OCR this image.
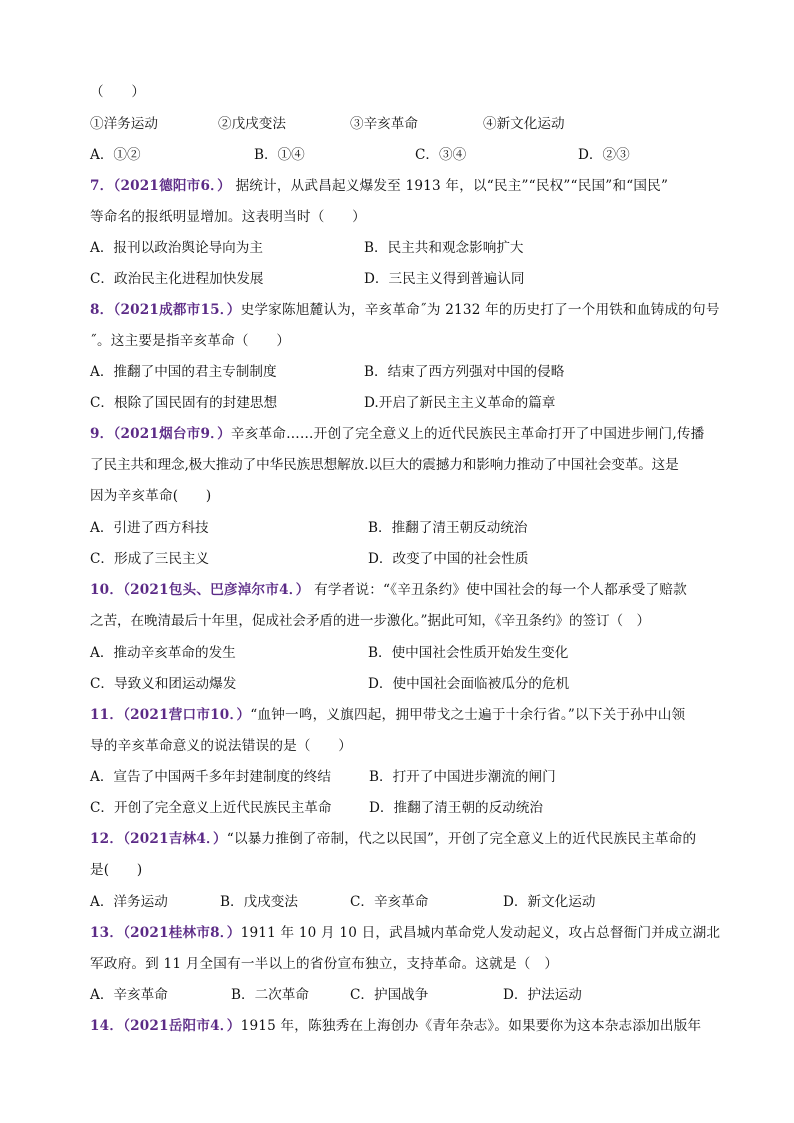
（　　）
①洋务运动	②戊戌变法	③辛亥革命	④新文化运动
A．①②	B．①④	C．③④	D．②③
7．（2021德阳市6．） 据统计，从武昌起义爆发至 1913 年，以“民主”“民权”“民国”和“国民”
等命名的报纸明显增加。这表明当时（　　）
A．报刊以政治舆论导向为主	B．民主共和观念影响扩大
C．政治民主化进程加快发展	D．三民主义得到普遍认同
8．（2021成都市15．）史学家陈旭麓认为，辛亥革命˝为 2132 年的历史打了一个用铁和血铸成的句号
˝。这主要是指辛亥革命（　　）
A．推翻了中国的君主专制制度	B．结束了西方列强对中国的侵略
C．根除了国民固有的封建思想	D.开启了新民主主义革命的篇章
9．（2021烟台市9．）辛亥革命……开创了完全意义上的近代民族民主革命打开了中国进步闸门,传播
了民主共和理念,极大推动了中华民族思想解放.以巨大的震撼力和影响力推动了中国社会变革。这是
因为辛亥革命(　　)
A．引进了西方科技	B．推翻了清王朝反动统治
C．形成了三民主义	D．改变了中国的社会性质
10．（2021包头、巴彦淖尔市4．） 有学者说：“《辛丑条约》使中国社会的每一个人都承受了赔款
之苦，在晚清最后十年里，促成社会矛盾的进一步激化。”据此可知，《辛丑条约》的签订（　）
A．推动辛亥革命的发生	B．使中国社会性质开始发生变化
C．导致义和团运动爆发	D．使中国社会面临被瓜分的危机
11．（2021营口市10．）“血钟一鸣，义旗四起，拥甲带戈之士遍于十余行省。”以下关于孙中山领
导的辛亥革命意义的说法错误的是（　　）
A．宣告了中国两千多年封建制度的终结	B．打开了中国进步潮流的闸门
C．开创了完全意义上近代民族民主革命	D．推翻了清王朝的反动统治
12．（2021吉林4．）“以暴力推倒了帝制，代之以民国”，开创了完全意义上的近代民族民主革命的
是(　　)
A．洋务运动	B．戊戌变法	C．辛亥革命	D．新文化运动
13．（2021桂林市8．）1911 年 10 月 10 日，武昌城内革命党人发动起义，攻占总督衙门并成立湖北
军政府。到 11 月全国有一半以上的省份宣布独立，支持革命。这就是（　）
A．辛亥革命	B．二次革命	C．护国战争	D．护法运动
14．（2021岳阳市4．）1915 年，陈独秀在上海创办《青年杂志》。如果要你为这本杂志添加出版年
